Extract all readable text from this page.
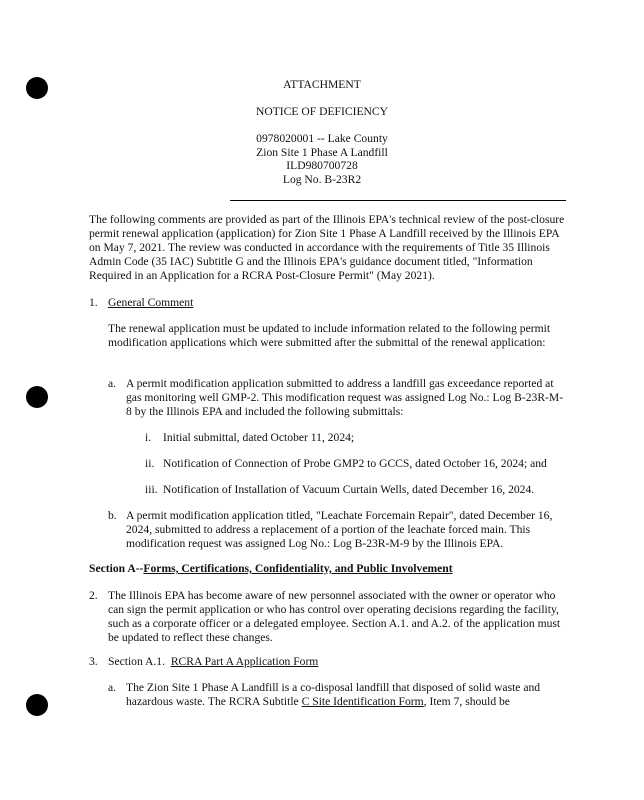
ATTACHMENT
NOTICE OF DEFICIENCY
0978020001 -- Lake County
Zion Site 1 Phase A Landfill
ILD980700728
Log No. B-23R2

The following comments are provided as part of the Illinois EPA's technical review of the post-closure permit renewal application (application) for Zion Site 1 Phase A Landfill received by the Illinois EPA on May 7, 2021. The review was conducted in accordance with the requirements of Title 35 Illinois Admin Code (35 IAC) Subtitle G and the Illinois EPA's guidance document titled, "Information Required in an Application for a RCRA Post-Closure Permit" (May 2021).

1. General Comment

The renewal application must be updated to include information related to the following permit modification applications which were submitted after the submittal of the renewal application:

a. A permit modification application submitted to address a landfill gas exceedance reported at gas monitoring well GMP-2. This modification request was assigned Log No.: Log B-23R-M-8 by the Illinois EPA and included the following submittals:

i. Initial submittal, dated October 11, 2024;
ii. Notification of Connection of Probe GMP2 to GCCS, dated October 16, 2024; and
iii. Notification of Installation of Vacuum Curtain Wells, dated December 16, 2024.
b. A permit modification application titled, "Leachate Forcemain Repair", dated December 16, 2024, submitted to address a replacement of a portion of the leachate forced main. This modification request was assigned Log No.: Log B-23R-M-9 by the Illinois EPA.

Section A--Forms, Certifications, Confidentiality, and Public Involvement
2. The Illinois EPA has become aware of new personnel associated with the owner or operator who can sign the permit application or who has control over operating decisions regarding the facility, such as a corporate officer or a delegated employee. Section A.1. and A.2. of the application must be updated to reflect these changes.

3. Section A.1. RCRA Part A Application Form
a. The Zion Site 1 Phase A Landfill is a co-disposal landfill that disposed of solid waste and hazardous waste. The RCRA Subtitle C Site Identification Form, Item 7, should be
